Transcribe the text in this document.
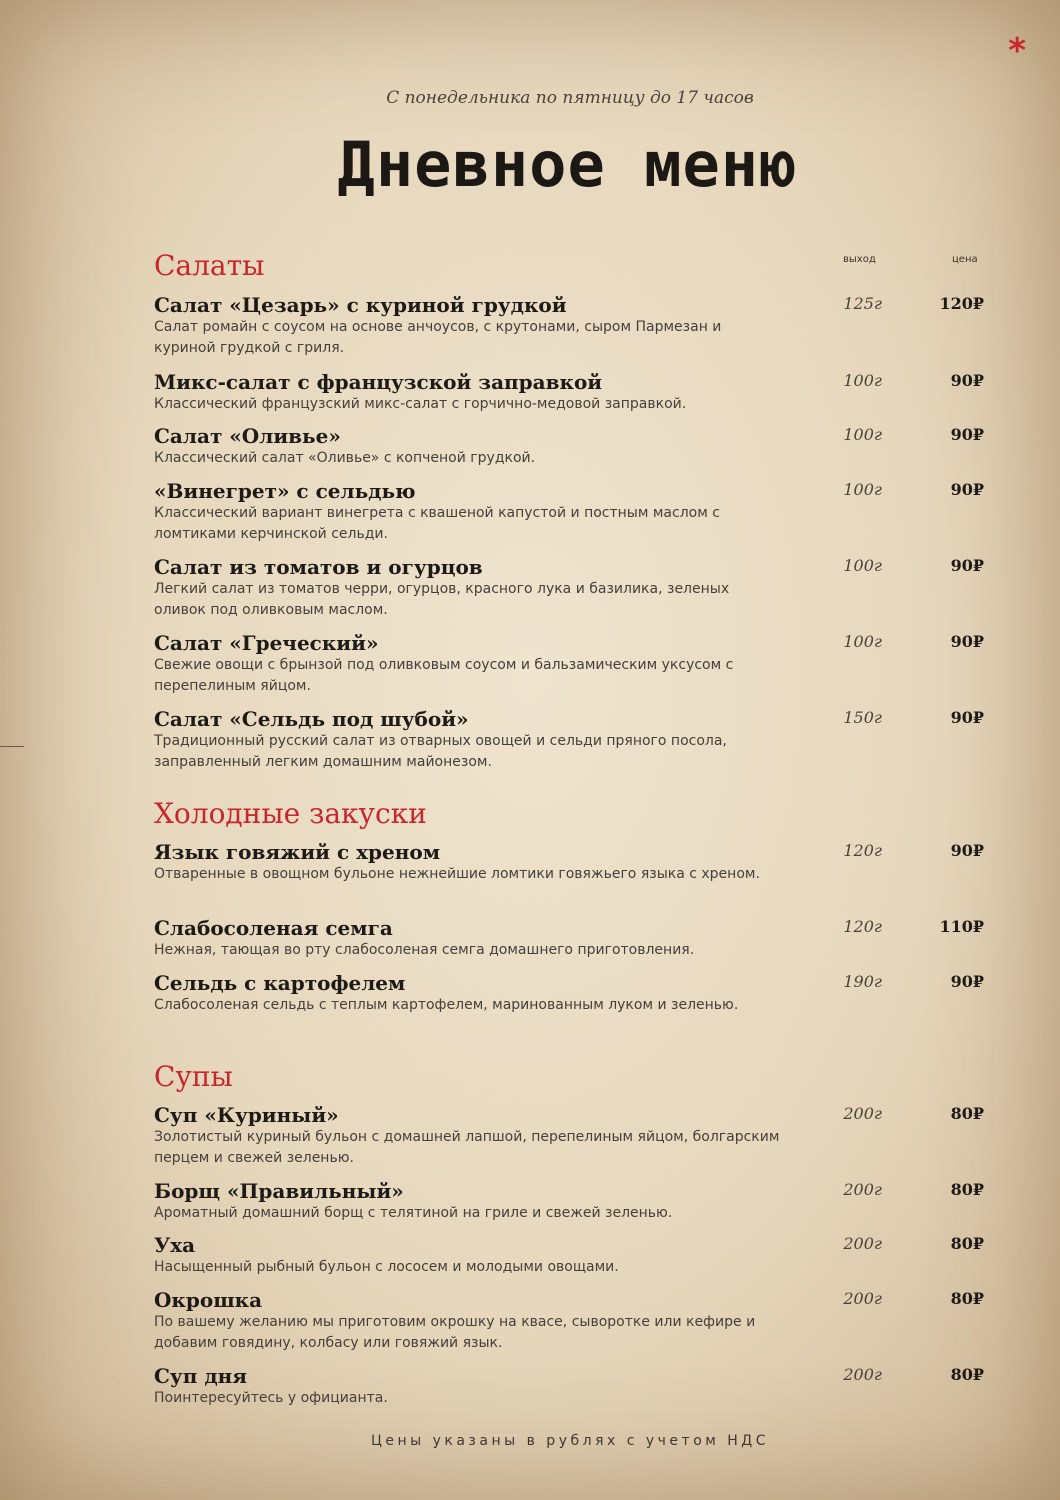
*
С понедельника по пятницу до 17 часов
Дневное меню
выход	цена
Салаты
Салат «Цезарь» с куриной грудкой
Салат ромайн с соусом на основе анчоусов, с крутонами, сыром Пармезан и куриной грудкой с гриля.
125г	120₽
Микс-салат с французской заправкой
Классический французский микс-салат с горчично-медовой заправкой.
100г	90₽
Салат «Оливье»
Классический салат «Оливье» с копченой грудкой.
100г	90₽
«Винегрет» с сельдью
Классический вариант винегрета с квашеной капустой и постным маслом с ломтиками керчинской сельди.
100г	90₽
Салат из томатов и огурцов
Легкий салат из томатов черри, огурцов, красного лука и базилика, зеленых оливок под оливковым маслом.
100г	90₽
Салат «Греческий»
Свежие овощи с брынзой под оливковым соусом и бальзамическим уксусом с перепелиным яйцом.
100г	90₽
Салат «Сельдь под шубой»
Традиционный русский салат из отварных овощей и сельди пряного посола, заправленный легким домашним майонезом.
150г	90₽
Холодные закуски
Язык говяжий с хреном
Отваренные в овощном бульоне нежнейшие ломтики говяжьего языка с хреном.
120г	90₽
Слабосоленая семга
Нежная, тающая во рту слабосоленая семга домашнего приготовления.
120г	110₽
Сельдь с картофелем
Слабосоленая сельдь с теплым картофелем, маринованным луком и зеленью.
190г	90₽
Супы
Суп «Куриный»
Золотистый куриный бульон с домашней лапшой, перепелиным яйцом, болгарским перцем и свежей зеленью.
200г	80₽
Борщ «Правильный»
Ароматный домашний борщ с телятиной на гриле и свежей зеленью.
200г	80₽
Уха
Насыщенный рыбный бульон с лососем и молодыми овощами.
200г	80₽
Окрошка
По вашему желанию мы приготовим окрошку на квасе, сыворотке или кефире и добавим говядину, колбасу или говяжий язык.
200г	80₽
Суп дня
Поинтересуйтесь у официанта.
200г	80₽
Цены указаны в рублях с учетом НДС
